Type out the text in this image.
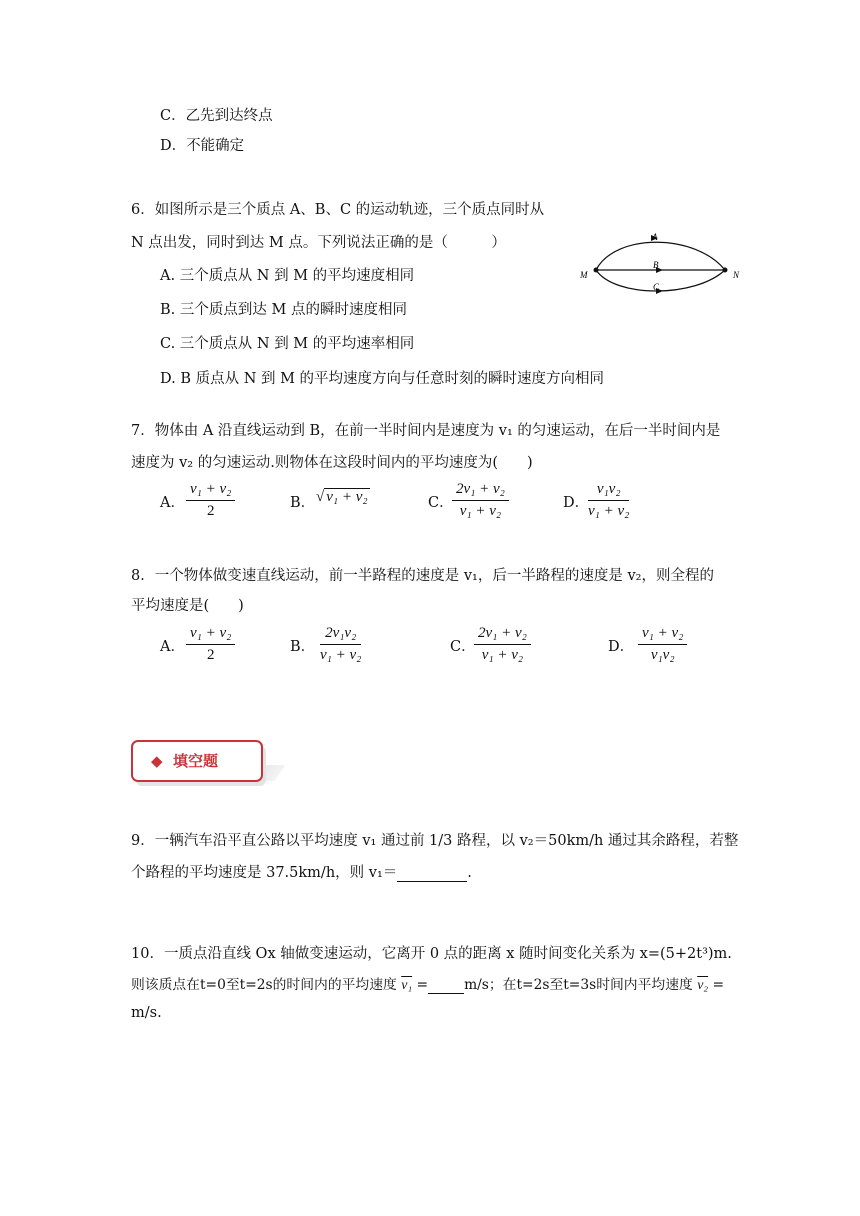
C．乙先到达终点
D．不能确定
6．如图所示是三个质点 A、B、C 的运动轨迹，三个质点同时从
N 点出发，同时到达 M 点。下列说法正确的是（　　　）
A. 三个质点从 N 到 M 的平均速度相同
B. 三个质点到达 M 点的瞬时速度相同
C. 三个质点从 N 到 M 的平均速率相同
D. B 质点从 N 到 M 的平均速度方向与任意时刻的瞬时速度方向相同
A
B
C
M	N
7．物体由 A 沿直线运动到 B，在前一半时间内是速度为 v₁ 的匀速运动，在后一半时间内是
速度为 v₂ 的匀速运动.则物体在这段时间内的平均速度为(　　)
A． $\frac{\text{v₁ + v₂}}{2}$	B． √ v₁ + v₂	C．
$\frac{\text{2v₁ + v₂}}{\text{v₁ + v₂}}$	D．
$\frac{\text{v₁v₂}}{\text{v₁ + v₂}}$
8．一个物体做变速直线运动，前一半路程的速度是 v₁，后一半路程的速度是 v₂，则全程的
平均速度是(　　)
A． $\frac{\text{v₁ + v₂}}{2}$	B． $\frac{\text{2v₁v₂}}{\text{v₁ + v₂}}$	C．
$\frac{\text{2v₁ + v₂}}{\text{v₁ + v₂}}$	D． $\frac{\text{v₁ + v₂}}{\text{v₁v₂}}$
◆ 填空题
9．一辆汽车沿平直公路以平均速度 v₁ 通过前 1/3 路程，以 v₂＝50km/h 通过其余路程，若整
个路程的平均速度是 37.5km/h，则 v₁＝	.
10．一质点沿直线 Ox 轴做变速运动，它离开 0 点的距离 x 随时间变化关系为 x=(5+2t³)m.
则该质点在t=0至t=2s的时间内的平均速度 v₁ =	m/s；在t=2s至t=3s时间内平均速度 v₂ =
m/s.
